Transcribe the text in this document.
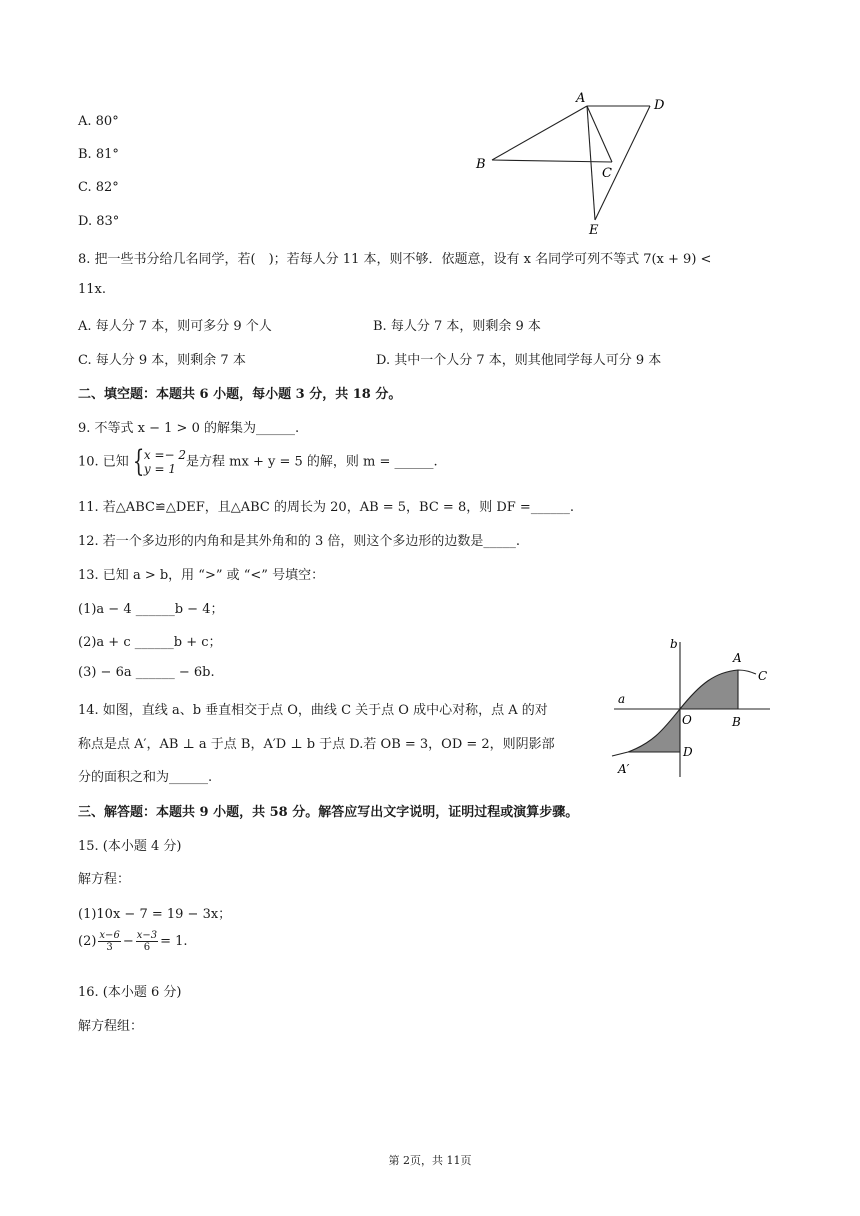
A. 80°
B. 81°
C. 82°
D. 83°
A	D
B
C
E
8. 把一些书分给几名同学，若(　)；若每人分 11 本，则不够．依题意，设有 x 名同学可列不等式 7(x + 9) <
11x.
A. 每人分 7 本，则可多分 9 个人	B. 每人分 7 本，则剩余 9 本
C. 每人分 9 本，则剩余 7 本	D. 其中一个人分 7 本，则其他同学每人可分 9 本
二、填空题：本题共 6 小题，每小题 3 分，共 18 分。
9. 不等式 x − 1 > 0 的解集为______.
10. 已知 { x =− 2
y = 1 是方程 mx + y = 5 的解，则 m = ______.
11. 若△ABC≌△DEF，且△ABC 的周长为 20，AB = 5，BC = 8，则 DF =______.
12. 若一个多边形的内角和是其外角和的 3 倍，则这个多边形的边数是_____.
13. 已知 a > b，用 “>” 或 “<” 号填空：
(1)a − 4 ______b − 4；
(2)a + c ______b + c；
(3) − 6a ______ − 6b.
14. 如图，直线 a、b 垂直相交于点 O，曲线 C 关于点 O 成中心对称，点 A 的对
称点是点 A′，AB ⊥ a 于点 B，A′D ⊥ b 于点 D.若 OB = 3，OD = 2，则阴影部
分的面积之和为______.
b
A
C
a
O	B
D
A′
三、解答题：本题共 9 小题，共 58 分。解答应写出文字说明，证明过程或演算步骤。
15. (本小题 4 分)
解方程：
(1)10x − 7 = 19 − 3x；
$(2) \frac{x-6}{3} - \frac{x-3}{6} = 1$.
16. (本小题 6 分)
解方程组：
第 2页，共 11页
